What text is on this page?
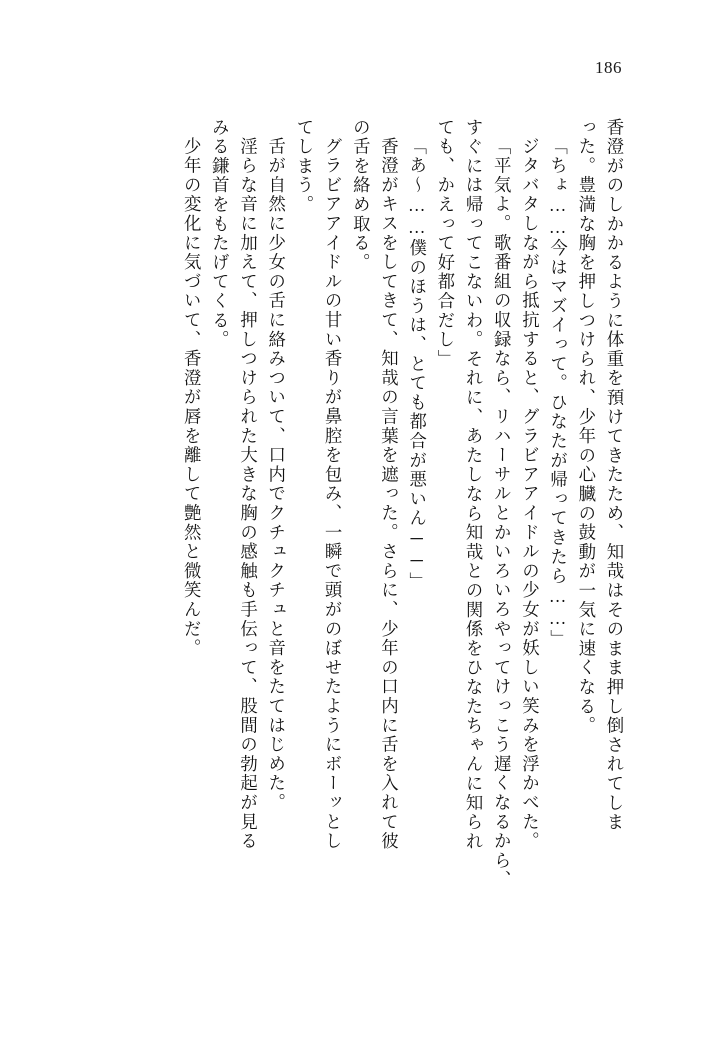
186
香澄がのしかかるように体重を預けてきたため、知哉はそのまま押し倒されてしま
った。豊満な胸を押しつけられ、少年の心臓の鼓動が一気に速くなる。
「ちょ……今はマズイって。ひなたが帰ってきたら……」
ジタバタしながら抵抗すると、グラビアアイドルの少女が妖しい笑みを浮かべた。
「平気よ。歌番組の収録なら、リハーサルとかいろいろやってけっこう遅くなるから、
すぐには帰ってこないわ。それに、あたしなら知哉との関係をひなたちゃんに知られ
ても、かえって好都合だし」
「あ～……僕のほうは、とても都合が悪いん──」
香澄がキスをしてきて、知哉の言葉を遮った。さらに、少年の口内に舌を入れて彼
の舌を絡め取る。
グラビアアイドルの甘い香りが鼻腔を包み、一瞬で頭がのぼせたようにボーッとし
てしまう。
舌が自然に少女の舌に絡みついて、口内でクチュクチュと音をたてはじめた。
淫らな音に加えて、押しつけられた大きな胸の感触も手伝って、股間の勃起が見る
みる鎌首をもたげてくる。
少年の変化に気づいて、香澄が唇を離して艶然と微笑んだ。
